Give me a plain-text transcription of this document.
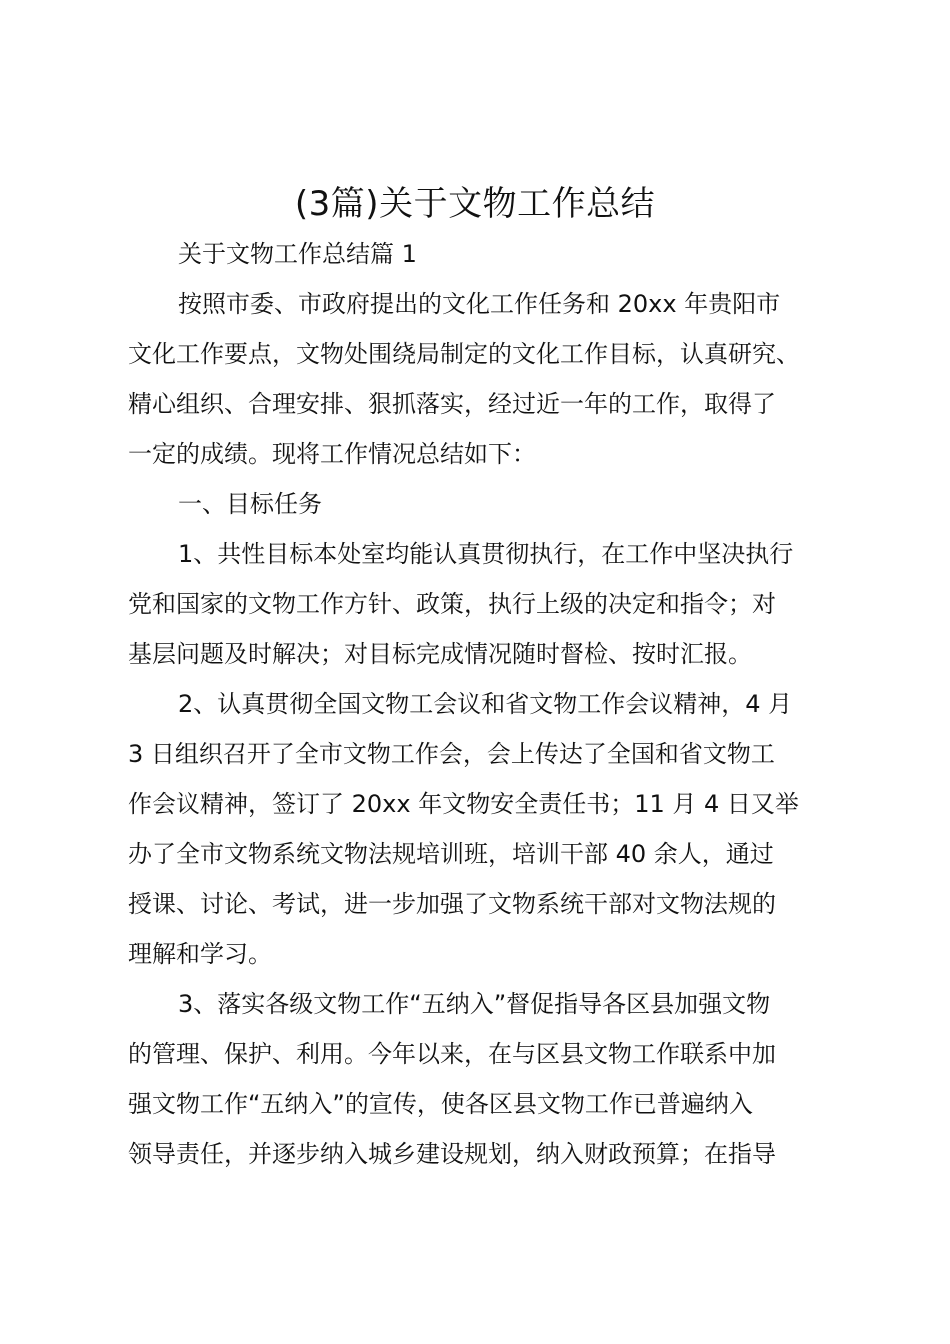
(3篇)关于文物工作总结
关于文物工作总结篇 1
按照市委、市政府提出的文化工作任务和 20xx 年贵阳市
文化工作要点，文物处围绕局制定的文化工作目标，认真研究、
精心组织、合理安排、狠抓落实，经过近一年的工作，取得了
一定的成绩。现将工作情况总结如下：
一、目标任务
1、共性目标本处室均能认真贯彻执行，在工作中坚决执行
党和国家的文物工作方针、政策，执行上级的决定和指令；对
基层问题及时解决；对目标完成情况随时督检、按时汇报。
2、认真贯彻全国文物工会议和省文物工作会议精神，4 月
3 日组织召开了全市文物工作会，会上传达了全国和省文物工
作会议精神，签订了 20xx 年文物安全责任书；11 月 4 日又举
办了全市文物系统文物法规培训班，培训干部 40 余人，通过
授课、讨论、考试，进一步加强了文物系统干部对文物法规的
理解和学习。
3、落实各级文物工作“五纳入”督促指导各区县加强文物
的管理、保护、利用。今年以来，在与区县文物工作联系中加
强文物工作“五纳入”的宣传，使各区县文物工作已普遍纳入
领导责任，并逐步纳入城乡建设规划，纳入财政预算；在指导
